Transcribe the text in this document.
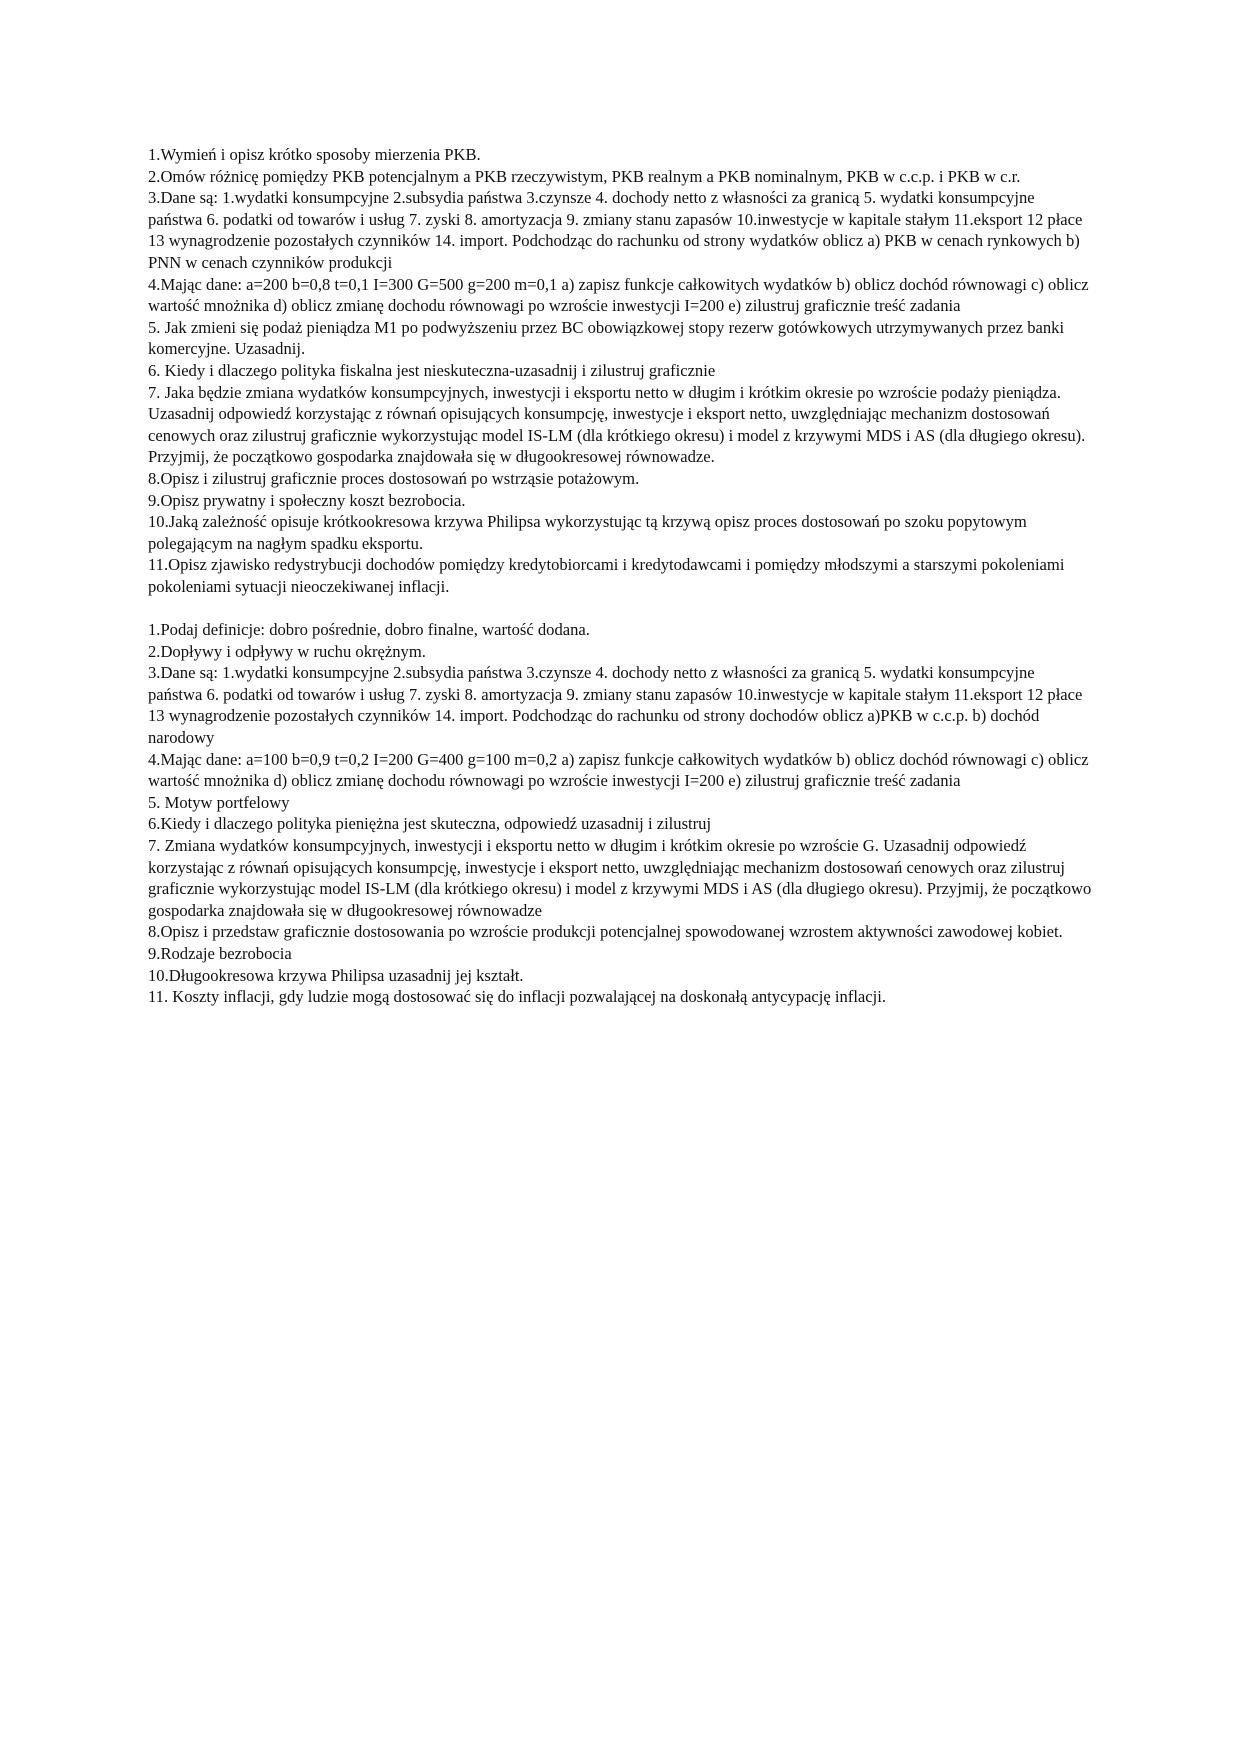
1.Wymień i opisz krótko sposoby mierzenia PKB.

2.Omów różnicę pomiędzy PKB potencjalnym a PKB rzeczywistym, PKB realnym a PKB nominalnym, PKB w c.c.p. i PKB w c.r.

3.Dane są: 1.wydatki konsumpcyjne 2.subsydia państwa 3.czynsze 4. dochody netto z własności za granicą 5. wydatki konsumpcyjne państwa 6. podatki od towarów i usług 7. zyski 8. amortyzacja 9. zmiany stanu zapasów 10.inwestycje w kapitale stałym 11.eksport 12 płace 13 wynagrodzenie pozostałych czynników 14. import. Podchodząc do rachunku od strony wydatków oblicz a) PKB w cenach rynkowych b) PNN w cenach czynników produkcji

4.Mając dane: a=200 b=0,8 t=0,1 I=300 G=500 g=200 m=0,1 a) zapisz funkcje całkowitych wydatków b) oblicz dochód równowagi c) oblicz wartość mnożnika d) oblicz zmianę dochodu równowagi po wzroście inwestycji I=200 e) zilustruj graficznie treść zadania

5. Jak zmieni się podaż pieniądza M1 po podwyższeniu przez BC obowiązkowej stopy rezerw gotówkowych utrzymywanych przez banki komercyjne. Uzasadnij.

6. Kiedy i dlaczego polityka fiskalna jest nieskuteczna-uzasadnij i zilustruj graficznie

7. Jaka będzie zmiana wydatków konsumpcyjnych, inwestycji i eksportu netto w długim i krótkim okresie po wzroście podaży pieniądza. Uzasadnij odpowiedź korzystając z równań opisujących konsumpcję, inwestycje i eksport netto, uwzględniając mechanizm dostosowań cenowych oraz zilustruj graficznie wykorzystując model IS-LM (dla krótkiego okresu) i model z krzywymi MDS i AS (dla długiego okresu). Przyjmij, że początkowo gospodarka znajdowała się w długookresowej równowadze.

8.Opisz i zilustruj graficznie proces dostosowań po wstrząsie potażowym.

9.Opisz prywatny i społeczny koszt bezrobocia.

10.Jaką zależność opisuje krótkookresowa krzywa Philipsa wykorzystując tą krzywą opisz proces dostosowań po szoku popytowym polegającym na nagłym spadku eksportu.

11.Opisz zjawisko redystrybucji dochodów pomiędzy kredytobiorcami i kredytodawcami i pomiędzy młodszymi a starszymi pokoleniami pokoleniami sytuacji nieoczekiwanej inflacji.

1.Podaj definicje: dobro pośrednie, dobro finalne, wartość dodana.

2.Dopływy i odpływy w ruchu okrężnym.

3.Dane są: 1.wydatki konsumpcyjne 2.subsydia państwa 3.czynsze 4. dochody netto z własności za granicą 5. wydatki konsumpcyjne państwa 6. podatki od towarów i usług 7. zyski 8. amortyzacja 9. zmiany stanu zapasów 10.inwestycje w kapitale stałym 11.eksport 12 płace 13 wynagrodzenie pozostałych czynników 14. import. Podchodząc do rachunku od strony dochodów oblicz a)PKB w c.c.p. b) dochód narodowy

4.Mając dane: a=100 b=0,9 t=0,2 I=200 G=400 g=100 m=0,2 a) zapisz funkcje całkowitych wydatków b) oblicz dochód równowagi c) oblicz wartość mnożnika d) oblicz zmianę dochodu równowagi po wzroście inwestycji I=200 e) zilustruj graficznie treść zadania

5. Motyw portfelowy

6.Kiedy i dlaczego polityka pieniężna jest skuteczna, odpowiedź uzasadnij i zilustruj

7. Zmiana wydatków konsumpcyjnych, inwestycji i eksportu netto w długim i krótkim okresie po wzroście G. Uzasadnij odpowiedź korzystając z równań opisujących konsumpcję, inwestycje i eksport netto, uwzględniając mechanizm dostosowań cenowych oraz zilustruj graficznie wykorzystując model IS-LM (dla krótkiego okresu) i model z krzywymi MDS i AS (dla długiego okresu). Przyjmij, że początkowo gospodarka znajdowała się w długookresowej równowadze

8.Opisz i przedstaw graficznie dostosowania po wzroście produkcji potencjalnej spowodowanej wzrostem aktywności zawodowej kobiet.

9.Rodzaje bezrobocia

10.Długookresowa krzywa Philipsa uzasadnij jej kształt.

11. Koszty inflacji, gdy ludzie mogą dostosować się do inflacji pozwalającej na doskonałą antycypację inflacji.
